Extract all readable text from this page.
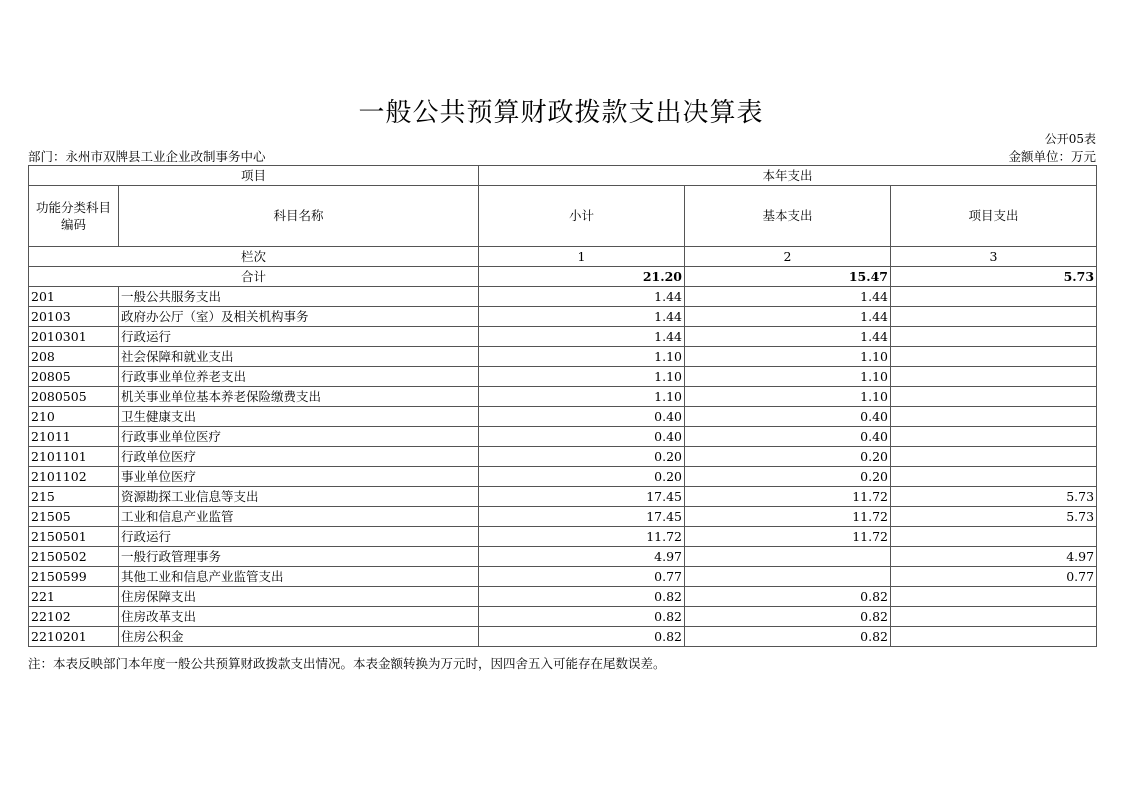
一般公共预算财政拨款支出决算表
公开05表
部门：永州市双牌县工业企业改制事务中心	金额单位：万元
项目		本年支出		
功能分类科目编码	科目名称	小计	基本支出	项目支出
栏次		1	2	3
合计		21.20	15.47	5.73
201	一般公共服务支出	1.44	1.44	
20103	政府办公厅（室）及相关机构事务	1.44	1.44	
2010301	行政运行	1.44	1.44	
208	社会保障和就业支出	1.10	1.10	
20805	行政事业单位养老支出	1.10	1.10	
2080505	机关事业单位基本养老保险缴费支出	1.10	1.10	
210	卫生健康支出	0.40	0.40	
21011	行政事业单位医疗	0.40	0.40	
2101101	行政单位医疗	0.20	0.20	
2101102	事业单位医疗	0.20	0.20	
215	资源勘探工业信息等支出	17.45	11.72	5.73
21505	工业和信息产业监管	17.45	11.72	5.73
2150501	行政运行	11.72	11.72	
2150502	一般行政管理事务	4.97		4.97
2150599	其他工业和信息产业监管支出	0.77		0.77
221	住房保障支出	0.82	0.82	
22102	住房改革支出	0.82	0.82	
2210201	住房公积金	0.82	0.82	
注：本表反映部门本年度一般公共预算财政拨款支出情况。本表金额转换为万元时，因四舍五入可能存在尾数误差。
